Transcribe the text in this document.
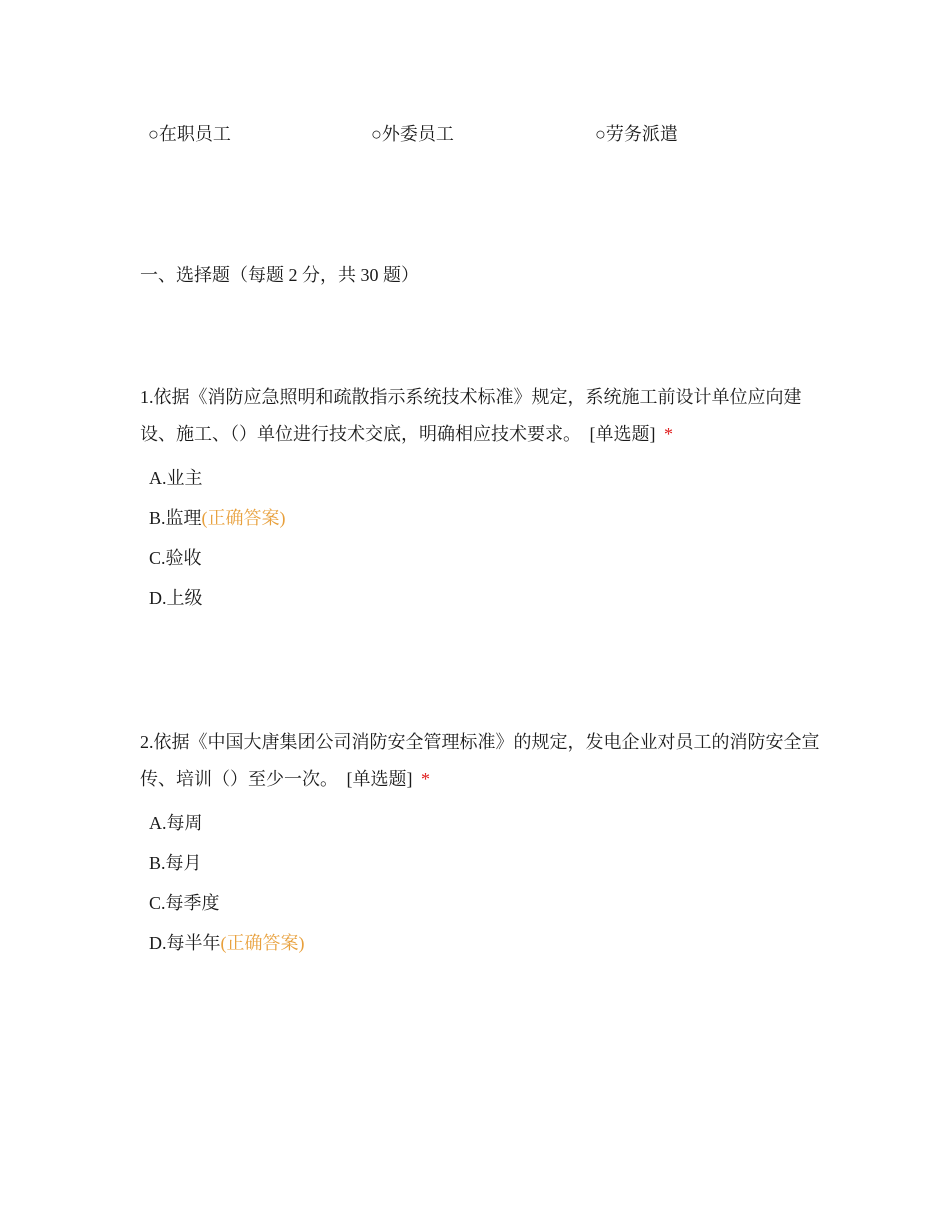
○在职员工	○外委员工	○劳务派遣
一、选择题（每题 2 分，共 30 题）

1.依据《消防应急照明和疏散指示系统技术标准》规定，系统施工前设计单位应向建设、施工、（）单位进行技术交底，明确相应技术要求。 [单选题] *

A.业主
B.监理(正确答案)
C.验收
D.上级

2.依据《中国大唐集团公司消防安全管理标准》的规定，发电企业对员工的消防安全宣传、培训（）至少一次。 [单选题] *

A.每周
B.每月
C.每季度
D.每半年(正确答案)
